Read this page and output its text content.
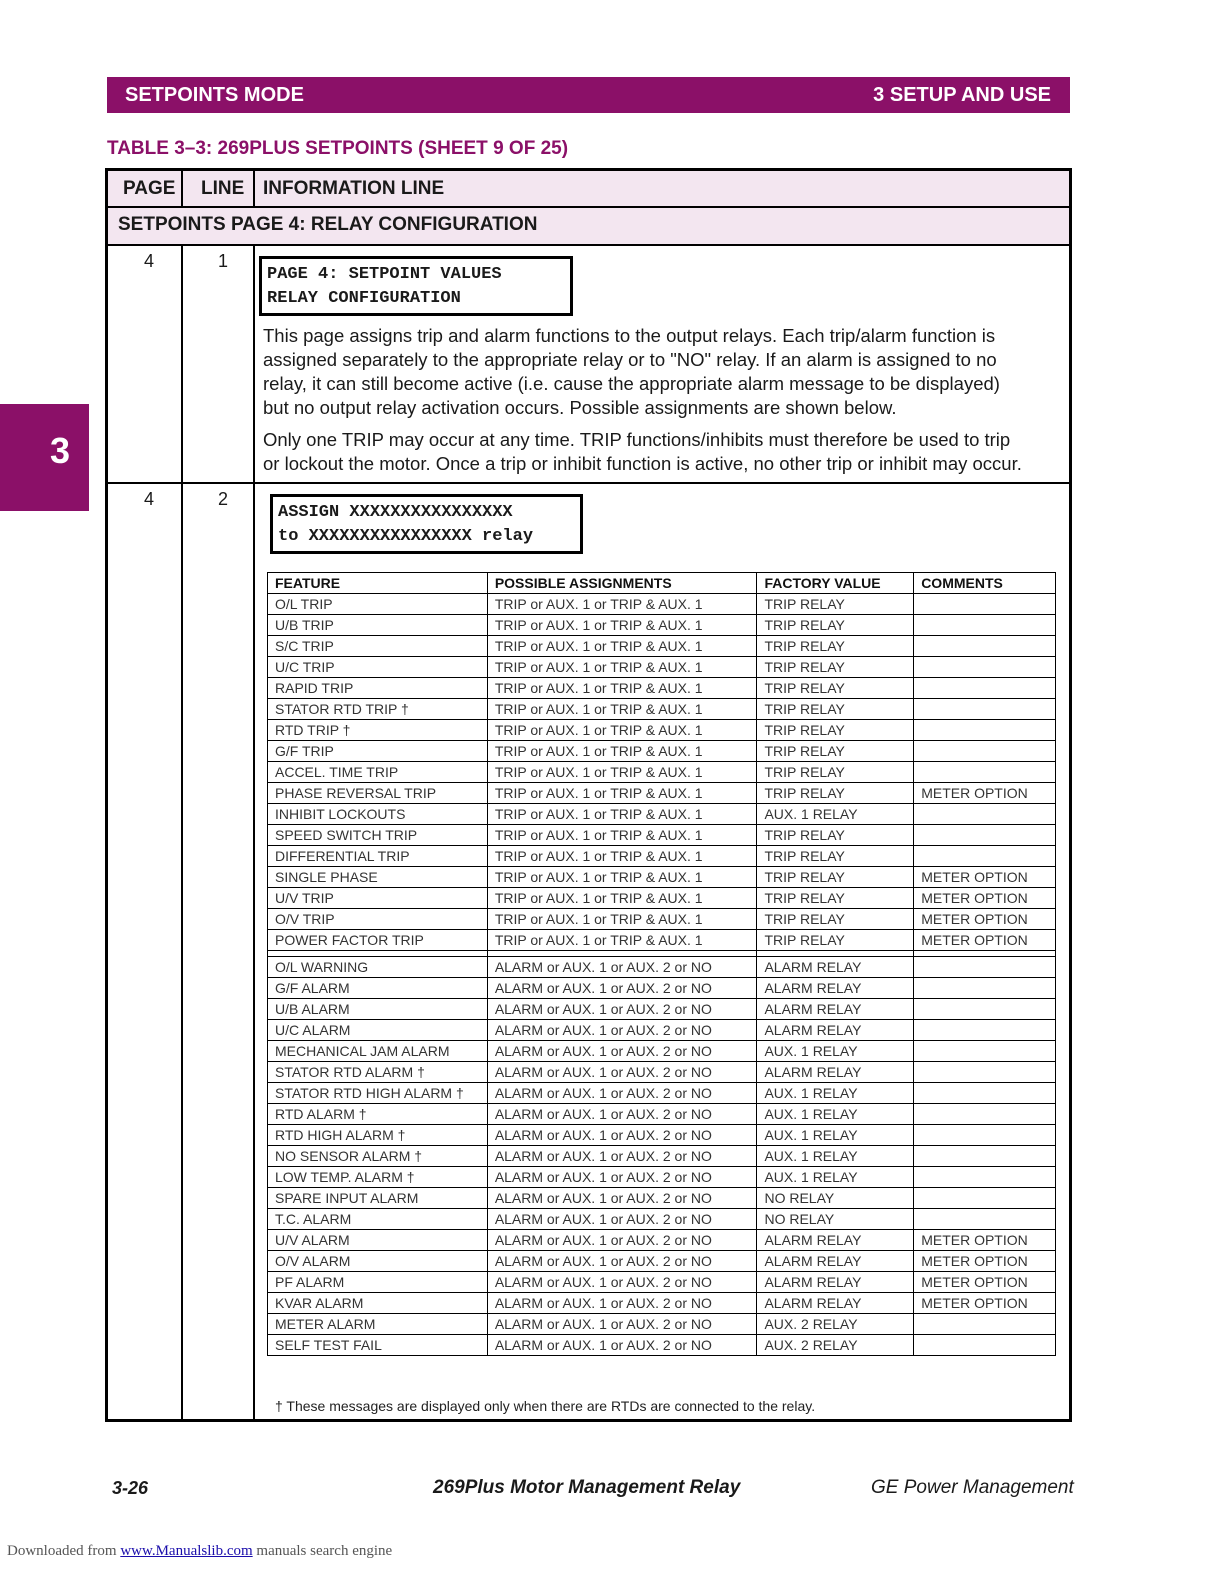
SETPOINTS MODE	3 SETUP AND USE
3
TABLE 3–3: 269PLUS SETPOINTS (SHEET 9 OF 25)
PAGE LINE INFORMATION LINE
SETPOINTS PAGE 4: RELAY CONFIGURATION
4	1
PAGE 4: SETPOINT VALUES
RELAY CONFIGURATION
This page assigns trip and alarm functions to the output relays. Each trip/alarm function is
assigned separately to the appropriate relay or to "NO" relay. If an alarm is assigned to no
relay, it can still become active (i.e. cause the appropriate alarm message to be displayed)
but no output relay activation occurs. Possible assignments are shown below.
Only one TRIP may occur at any time. TRIP functions/inhibits must therefore be used to trip
or lockout the motor. Once a trip or inhibit function is active, no other trip or inhibit may occur.
4	2
ASSIGN XXXXXXXXXXXXXXXX
to XXXXXXXXXXXXXXXX relay
FEATURE	POSSIBLE ASSIGNMENTS	FACTORY VALUE	COMMENTS
O/L TRIP	TRIP or AUX. 1 or TRIP & AUX. 1	TRIP RELAY	
U/B TRIP	TRIP or AUX. 1 or TRIP & AUX. 1	TRIP RELAY	
S/C TRIP	TRIP or AUX. 1 or TRIP & AUX. 1	TRIP RELAY	
U/C TRIP	TRIP or AUX. 1 or TRIP & AUX. 1	TRIP RELAY	
RAPID TRIP	TRIP or AUX. 1 or TRIP & AUX. 1	TRIP RELAY	
STATOR RTD TRIP †	TRIP or AUX. 1 or TRIP & AUX. 1	TRIP RELAY	
RTD TRIP †	TRIP or AUX. 1 or TRIP & AUX. 1	TRIP RELAY	
G/F TRIP	TRIP or AUX. 1 or TRIP & AUX. 1	TRIP RELAY	
ACCEL. TIME TRIP	TRIP or AUX. 1 or TRIP & AUX. 1	TRIP RELAY	
PHASE REVERSAL TRIP	TRIP or AUX. 1 or TRIP & AUX. 1	TRIP RELAY	METER OPTION
INHIBIT LOCKOUTS	TRIP or AUX. 1 or TRIP & AUX. 1	AUX. 1 RELAY	
SPEED SWITCH TRIP	TRIP or AUX. 1 or TRIP & AUX. 1	TRIP RELAY	
DIFFERENTIAL TRIP	TRIP or AUX. 1 or TRIP & AUX. 1	TRIP RELAY	
SINGLE PHASE	TRIP or AUX. 1 or TRIP & AUX. 1	TRIP RELAY	METER OPTION
U/V TRIP	TRIP or AUX. 1 or TRIP & AUX. 1	TRIP RELAY	METER OPTION
O/V TRIP	TRIP or AUX. 1 or TRIP & AUX. 1	TRIP RELAY	METER OPTION
POWER FACTOR TRIP	TRIP or AUX. 1 or TRIP & AUX. 1	TRIP RELAY	METER OPTION

O/L WARNING	ALARM or AUX. 1 or AUX. 2 or NO	ALARM RELAY	
G/F ALARM	ALARM or AUX. 1 or AUX. 2 or NO	ALARM RELAY	
U/B ALARM	ALARM or AUX. 1 or AUX. 2 or NO	ALARM RELAY	
U/C ALARM	ALARM or AUX. 1 or AUX. 2 or NO	ALARM RELAY	
MECHANICAL JAM ALARM	ALARM or AUX. 1 or AUX. 2 or NO	AUX. 1 RELAY	
STATOR RTD ALARM †	ALARM or AUX. 1 or AUX. 2 or NO	ALARM RELAY	
STATOR RTD HIGH ALARM †	ALARM or AUX. 1 or AUX. 2 or NO	AUX. 1 RELAY	
RTD ALARM †	ALARM or AUX. 1 or AUX. 2 or NO	AUX. 1 RELAY	
RTD HIGH ALARM †	ALARM or AUX. 1 or AUX. 2 or NO	AUX. 1 RELAY	
NO SENSOR ALARM †	ALARM or AUX. 1 or AUX. 2 or NO	AUX. 1 RELAY	
LOW TEMP. ALARM †	ALARM or AUX. 1 or AUX. 2 or NO	AUX. 1 RELAY	
SPARE INPUT ALARM	ALARM or AUX. 1 or AUX. 2 or NO	NO RELAY	
T.C. ALARM	ALARM or AUX. 1 or AUX. 2 or NO	NO RELAY	
U/V ALARM	ALARM or AUX. 1 or AUX. 2 or NO	ALARM RELAY	METER OPTION
O/V ALARM	ALARM or AUX. 1 or AUX. 2 or NO	ALARM RELAY	METER OPTION
PF ALARM	ALARM or AUX. 1 or AUX. 2 or NO	ALARM RELAY	METER OPTION
KVAR ALARM	ALARM or AUX. 1 or AUX. 2 or NO	ALARM RELAY	METER OPTION
METER ALARM	ALARM or AUX. 1 or AUX. 2 or NO	AUX. 2 RELAY	
SELF TEST FAIL	ALARM or AUX. 1 or AUX. 2 or NO	AUX. 2 RELAY	
† These messages are displayed only when there are RTDs are connected to the relay.
3-26	269Plus Motor Management Relay	GE Power Management
Downloaded from www.Manualslib.com manuals search engine
